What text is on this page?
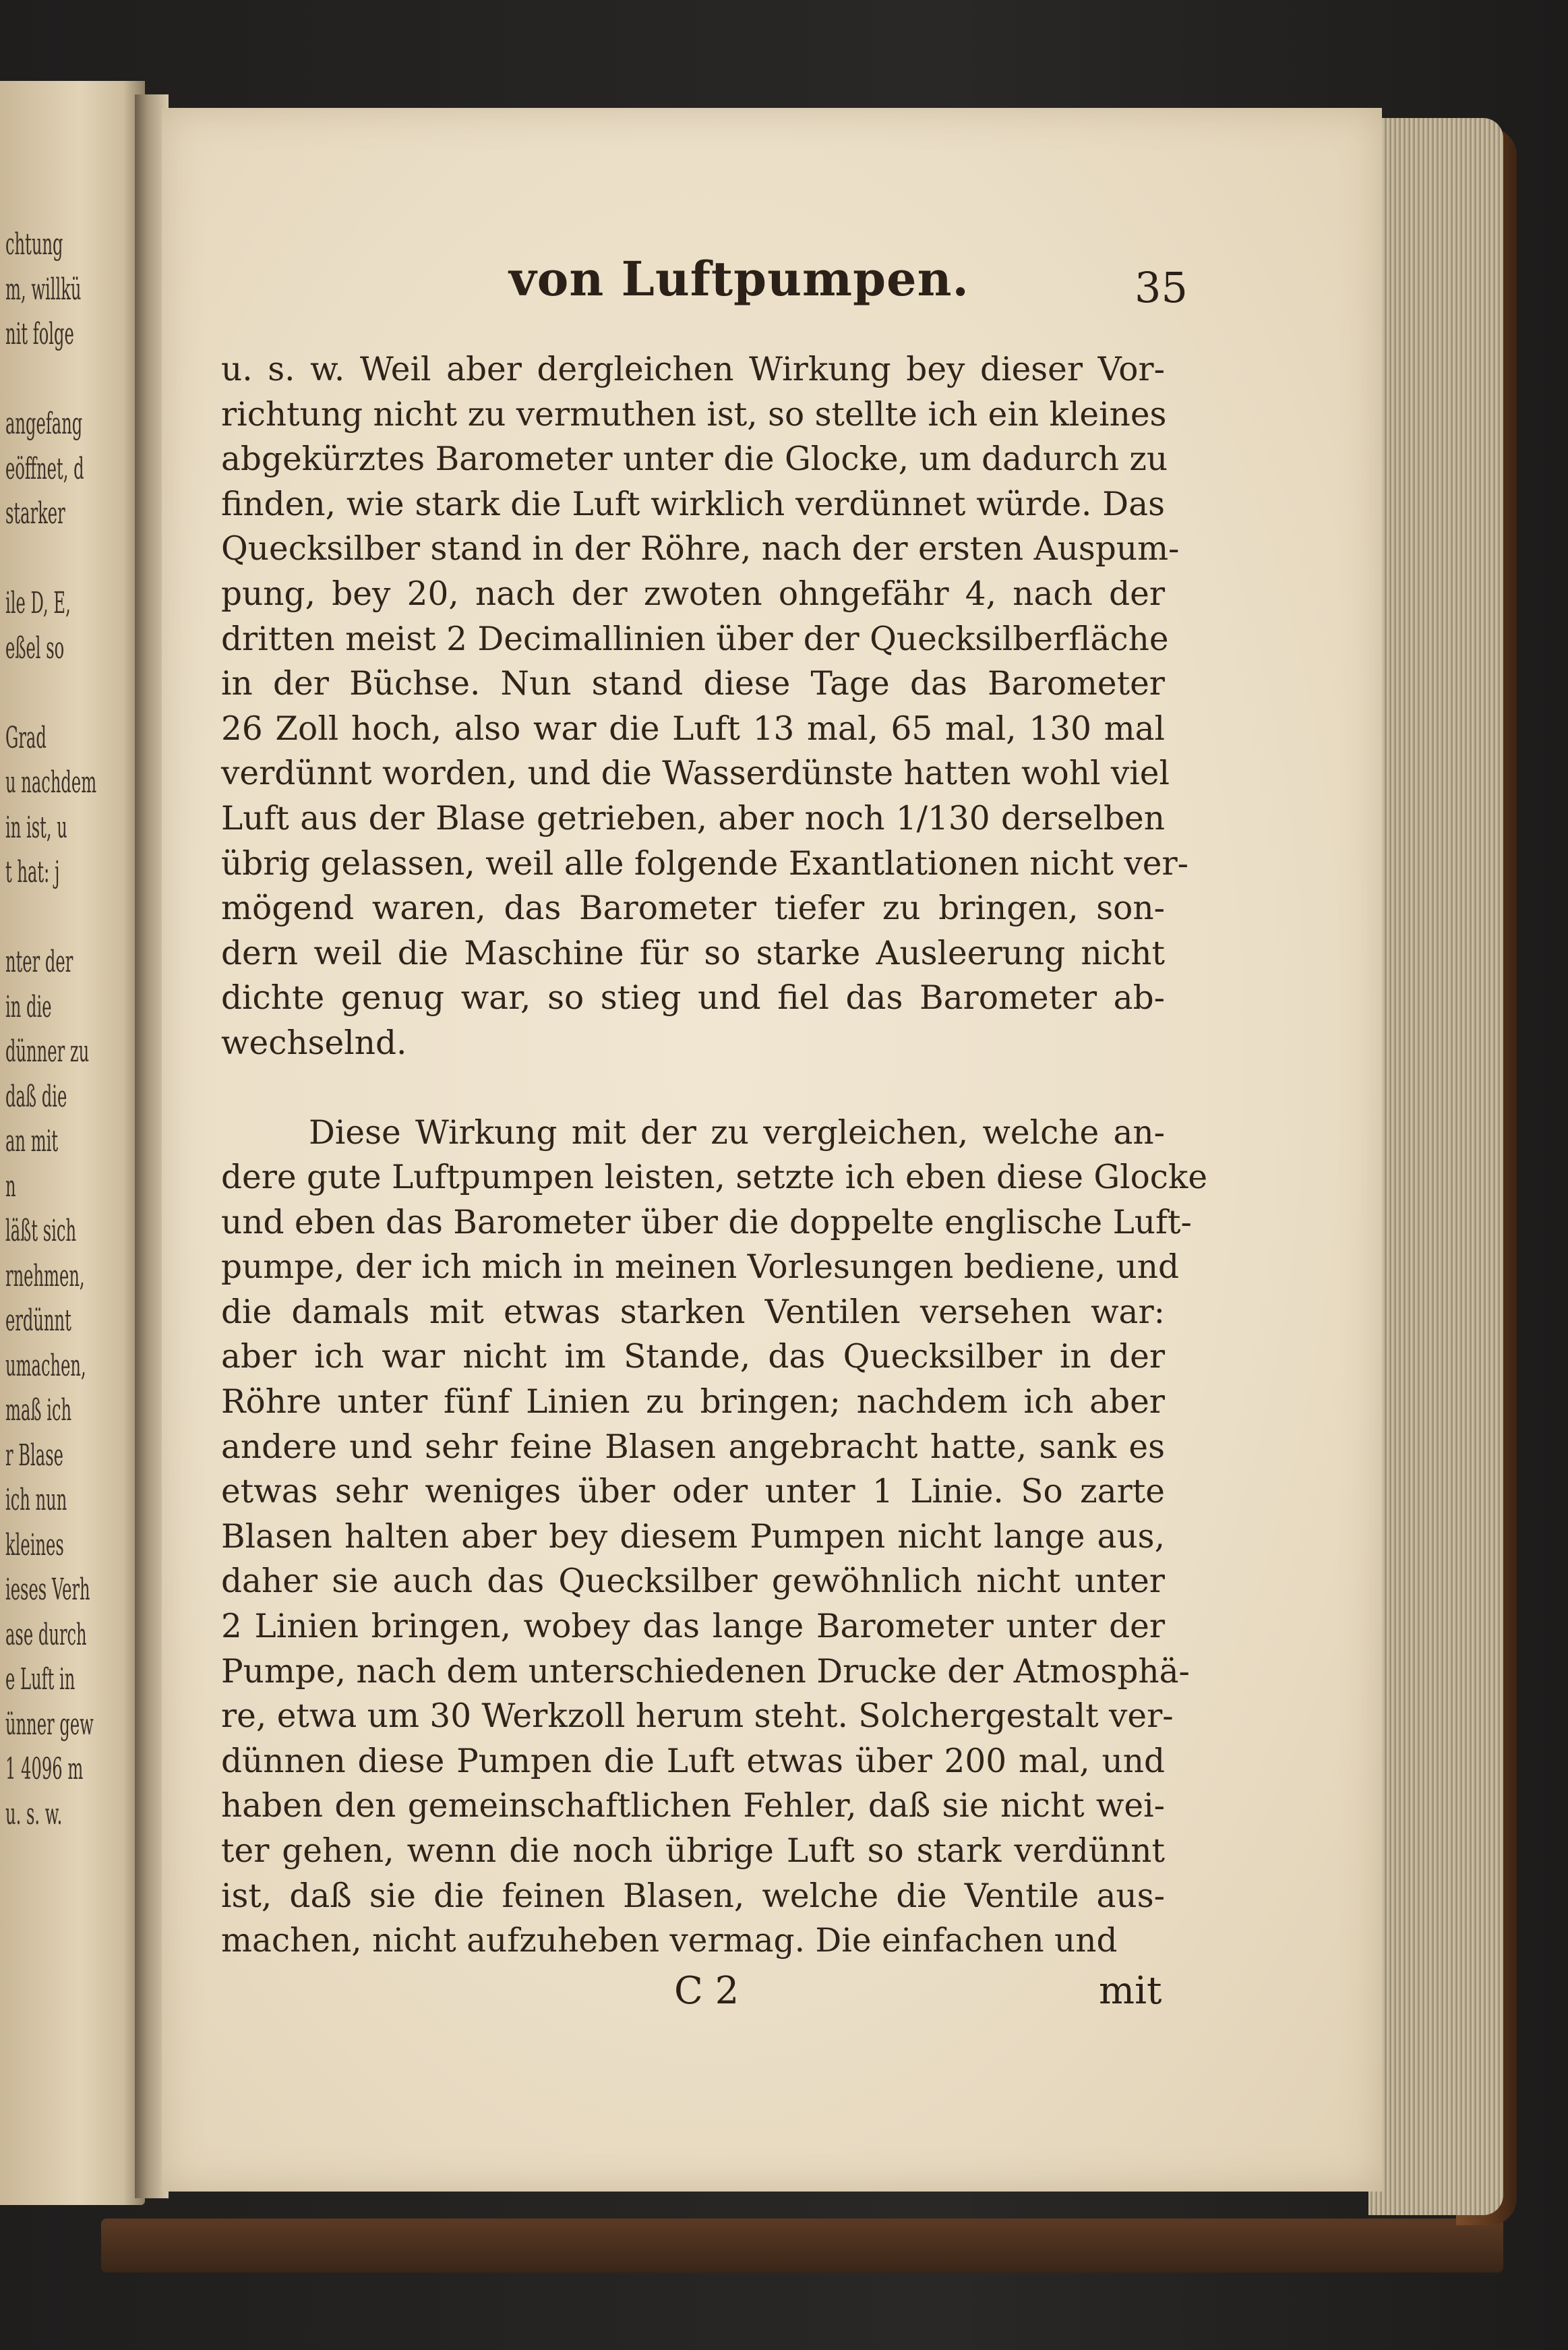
chtung
m, willkü
nit folge
angefang
eöffnet, d
starker
ile D, E,
eßel so
Grad
u nachdem
in ist, u
t hat: j
nter der
in die
dünner zu
daß die
an mit
n
läßt sich
rnehmen,
erdünnt
umachen,
maß ich
r Blase
ich nun
kleines
ieses Verh
ase durch
e Luft in
ünner gew
1 4096 m
u. s. w.
von Luftpumpen.	35
u. s. w. Weil aber dergleichen Wirkung bey dieser Vor-
richtung nicht zu vermuthen ist, so stellte ich ein kleines
abgekürztes Barometer unter die Glocke, um dadurch zu
finden, wie stark die Luft wirklich verdünnet würde. Das
Quecksilber stand in der Röhre, nach der ersten Auspum-
pung, bey 20, nach der zwoten ohngefähr 4, nach der
dritten meist 2 Decimallinien über der Quecksilberfläche
in der Büchse. Nun stand diese Tage das Barometer
26 Zoll hoch, also war die Luft 13 mal, 65 mal, 130 mal
verdünnt worden, und die Wasserdünste hatten wohl viel
Luft aus der Blase getrieben, aber noch 1/130 derselben
übrig gelassen, weil alle folgende Exantlationen nicht ver-
mögend waren, das Barometer tiefer zu bringen, son-
dern weil die Maschine für so starke Ausleerung nicht
dichte genug war, so stieg und fiel das Barometer ab-
wechselnd.
Diese Wirkung mit der zu vergleichen, welche an-
dere gute Luftpumpen leisten, setzte ich eben diese Glocke
und eben das Barometer über die doppelte englische Luft-
pumpe, der ich mich in meinen Vorlesungen bediene, und
die damals mit etwas starken Ventilen versehen war:
aber ich war nicht im Stande, das Quecksilber in der
Röhre unter fünf Linien zu bringen; nachdem ich aber
andere und sehr feine Blasen angebracht hatte, sank es
etwas sehr weniges über oder unter 1 Linie. So zarte
Blasen halten aber bey diesem Pumpen nicht lange aus,
daher sie auch das Quecksilber gewöhnlich nicht unter
2 Linien bringen, wobey das lange Barometer unter der
Pumpe, nach dem unterschiedenen Drucke der Atmosphä-
re, etwa um 30 Werkzoll herum steht. Solchergestalt ver-
dünnen diese Pumpen die Luft etwas über 200 mal, und
haben den gemeinschaftlichen Fehler, daß sie nicht wei-
ter gehen, wenn die noch übrige Luft so stark verdünnt
ist, daß sie die feinen Blasen, welche die Ventile aus-
machen, nicht aufzuheben vermag. Die einfachen und
C 2	mit
